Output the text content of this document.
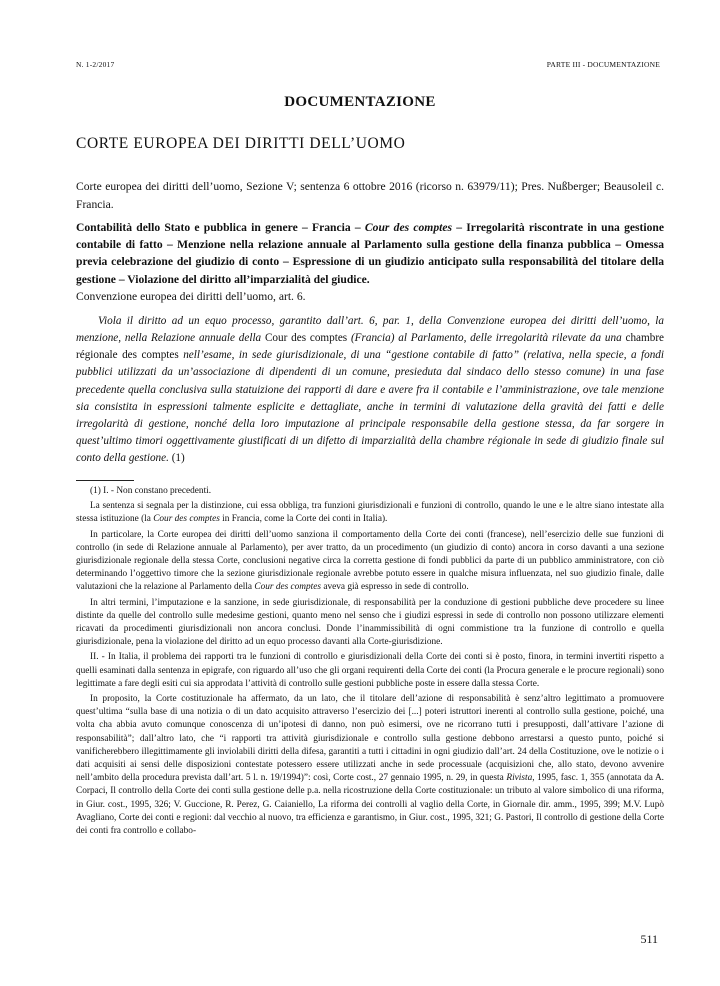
N. 1-2/2017	PARTE III - DOCUMENTAZIONE
DOCUMENTAZIONE
CORTE EUROPEA DEI DIRITTI DELL’UOMO

Corte europea dei diritti dell’uomo, Sezione V; sentenza 6 ottobre 2016 (ricorso n. 63979/11); Pres. Nußberger; Beausoleil c. Francia.

Contabilità dello Stato e pubblica in genere – Francia – Cour des comptes – Irregolarità riscontrate in una gestione contabile di fatto – Menzione nella relazione annuale al Parlamento sulla gestione della finanza pubblica – Omessa previa celebrazione del giudizio di conto – Espressione di un giudizio anticipato sulla responsabilità del titolare della gestione – Violazione del diritto all’imparzialità del giudice.

Convenzione europea dei diritti dell’uomo, art. 6.

Viola il diritto ad un equo processo, garantito dall’art. 6, par. 1, della Convenzione europea dei diritti dell’uomo, la menzione, nella Relazione annuale della Cour des comptes (Francia) al Parlamento, delle irregolarità rilevate da una chambre régionale des comptes nell’esame, in sede giurisdizionale, di una “gestione contabile di fatto” (relativa, nella specie, a fondi pubblici utilizzati da un’associazione di dipendenti di un comune, presieduta dal sindaco dello stesso comune) in una fase precedente quella conclusiva sulla statuizione dei rapporti di dare e avere fra il contabile e l’amministrazione, ove tale menzione sia consistita in espressioni talmente esplicite e dettagliate, anche in termini di valutazione della gravità dei fatti e delle irregolarità di gestione, nonché della loro imputazione al principale responsabile della gestione stessa, da far sorgere in quest’ultimo timori oggettivamente giustificati di un difetto di imparzialità della chambre régionale in sede di giudizio finale sul conto della gestione. (1)

(1) I. - Non constano precedenti.

La sentenza si segnala per la distinzione, cui essa obbliga, tra funzioni giurisdizionali e funzioni di controllo, quando le une e le altre siano intestate alla stessa istituzione (la Cour des comptes in Francia, come la Corte dei conti in Italia).

In particolare, la Corte europea dei diritti dell’uomo sanziona il comportamento della Corte dei conti (francese), nell’esercizio delle sue funzioni di controllo (in sede di Relazione annuale al Parlamento), per aver tratto, da un procedimento (un giudizio di conto) ancora in corso davanti a una sezione giurisdizionale regionale della stessa Corte, conclusioni negative circa la corretta gestione di fondi pubblici da parte di un pubblico amministratore, con ciò determinando l’oggettivo timore che la sezione giurisdizionale regionale avrebbe potuto essere in qualche misura influenzata, nel suo giudizio finale, dalle valutazioni che la relazione al Parlamento della Cour des comptes aveva già espresso in sede di controllo.

In altri termini, l’imputazione e la sanzione, in sede giurisdizionale, di responsabilità per la conduzione di gestioni pubbliche deve procedere su linee distinte da quelle del controllo sulle medesime gestioni, quanto meno nel senso che i giudizi espressi in sede di controllo non possono utilizzare elementi ricavati da procedimenti giurisdizionali non ancora conclusi. Donde l’inammissibilità di ogni commistione tra la funzione di controllo e quella giurisdizionale, pena la violazione del diritto ad un equo processo davanti alla Corte-giurisdizione.

II. - In Italia, il problema dei rapporti tra le funzioni di controllo e giurisdizionali della Corte dei conti si è posto, finora, in termini invertiti rispetto a quelli esaminati dalla sentenza in epigrafe, con riguardo all’uso che gli organi requirenti della Corte dei conti (la Procura generale e le procure regionali) sono legittimate a fare degli esiti cui sia approdata l’attività di controllo sulle gestioni pubbliche poste in essere dalla stessa Corte.

In proposito, la Corte costituzionale ha affermato, da un lato, che il titolare dell’azione di responsabilità è senz’altro legittimato a promuovere quest’ultima “sulla base di una notizia o di un dato acquisito attraverso l’esercizio dei [...] poteri istruttori inerenti al controllo sulla gestione, poiché, una volta cha abbia avuto comunque conoscenza di un’ipotesi di danno, non può esimersi, ove ne ricorrano tutti i presupposti, dall’attivare l’azione di responsabilità”; dall’altro lato, che “i rapporti tra attività giurisdizionale e controllo sulla gestione debbono arrestarsi a questo punto, poiché si vanificherebbero illegittimamente gli inviolabili diritti della difesa, garantiti a tutti i cittadini in ogni giudizio dall’art. 24 della Costituzione, ove le notizie o i dati acquisiti ai sensi delle disposizioni contestate potessero essere utilizzati anche in sede processuale (acquisizioni che, allo stato, devono avvenire nell’ambito della procedura prevista dall’art. 5 l. n. 19/1994)”: così, Corte cost., 27 gennaio 1995, n. 29, in questa Rivista, 1995, fasc. 1, 355 (annotata da A. Corpaci, Il controllo della Corte dei conti sulla gestione delle p.a. nella ricostruzione della Corte costituzionale: un tributo al valore simbolico di una riforma, in Giur. cost., 1995, 326; V. Guccione, R. Perez, G. Caianiello, La riforma dei controlli al vaglio della Corte, in Giornale dir. amm., 1995, 399; M.V. Lupò Avagliano, Corte dei conti e regioni: dal vecchio al nuovo, tra efficienza e garantismo, in Giur. cost., 1995, 321; G. Pastori, Il controllo di gestione della Corte dei conti fra controllo e collabo-

511
